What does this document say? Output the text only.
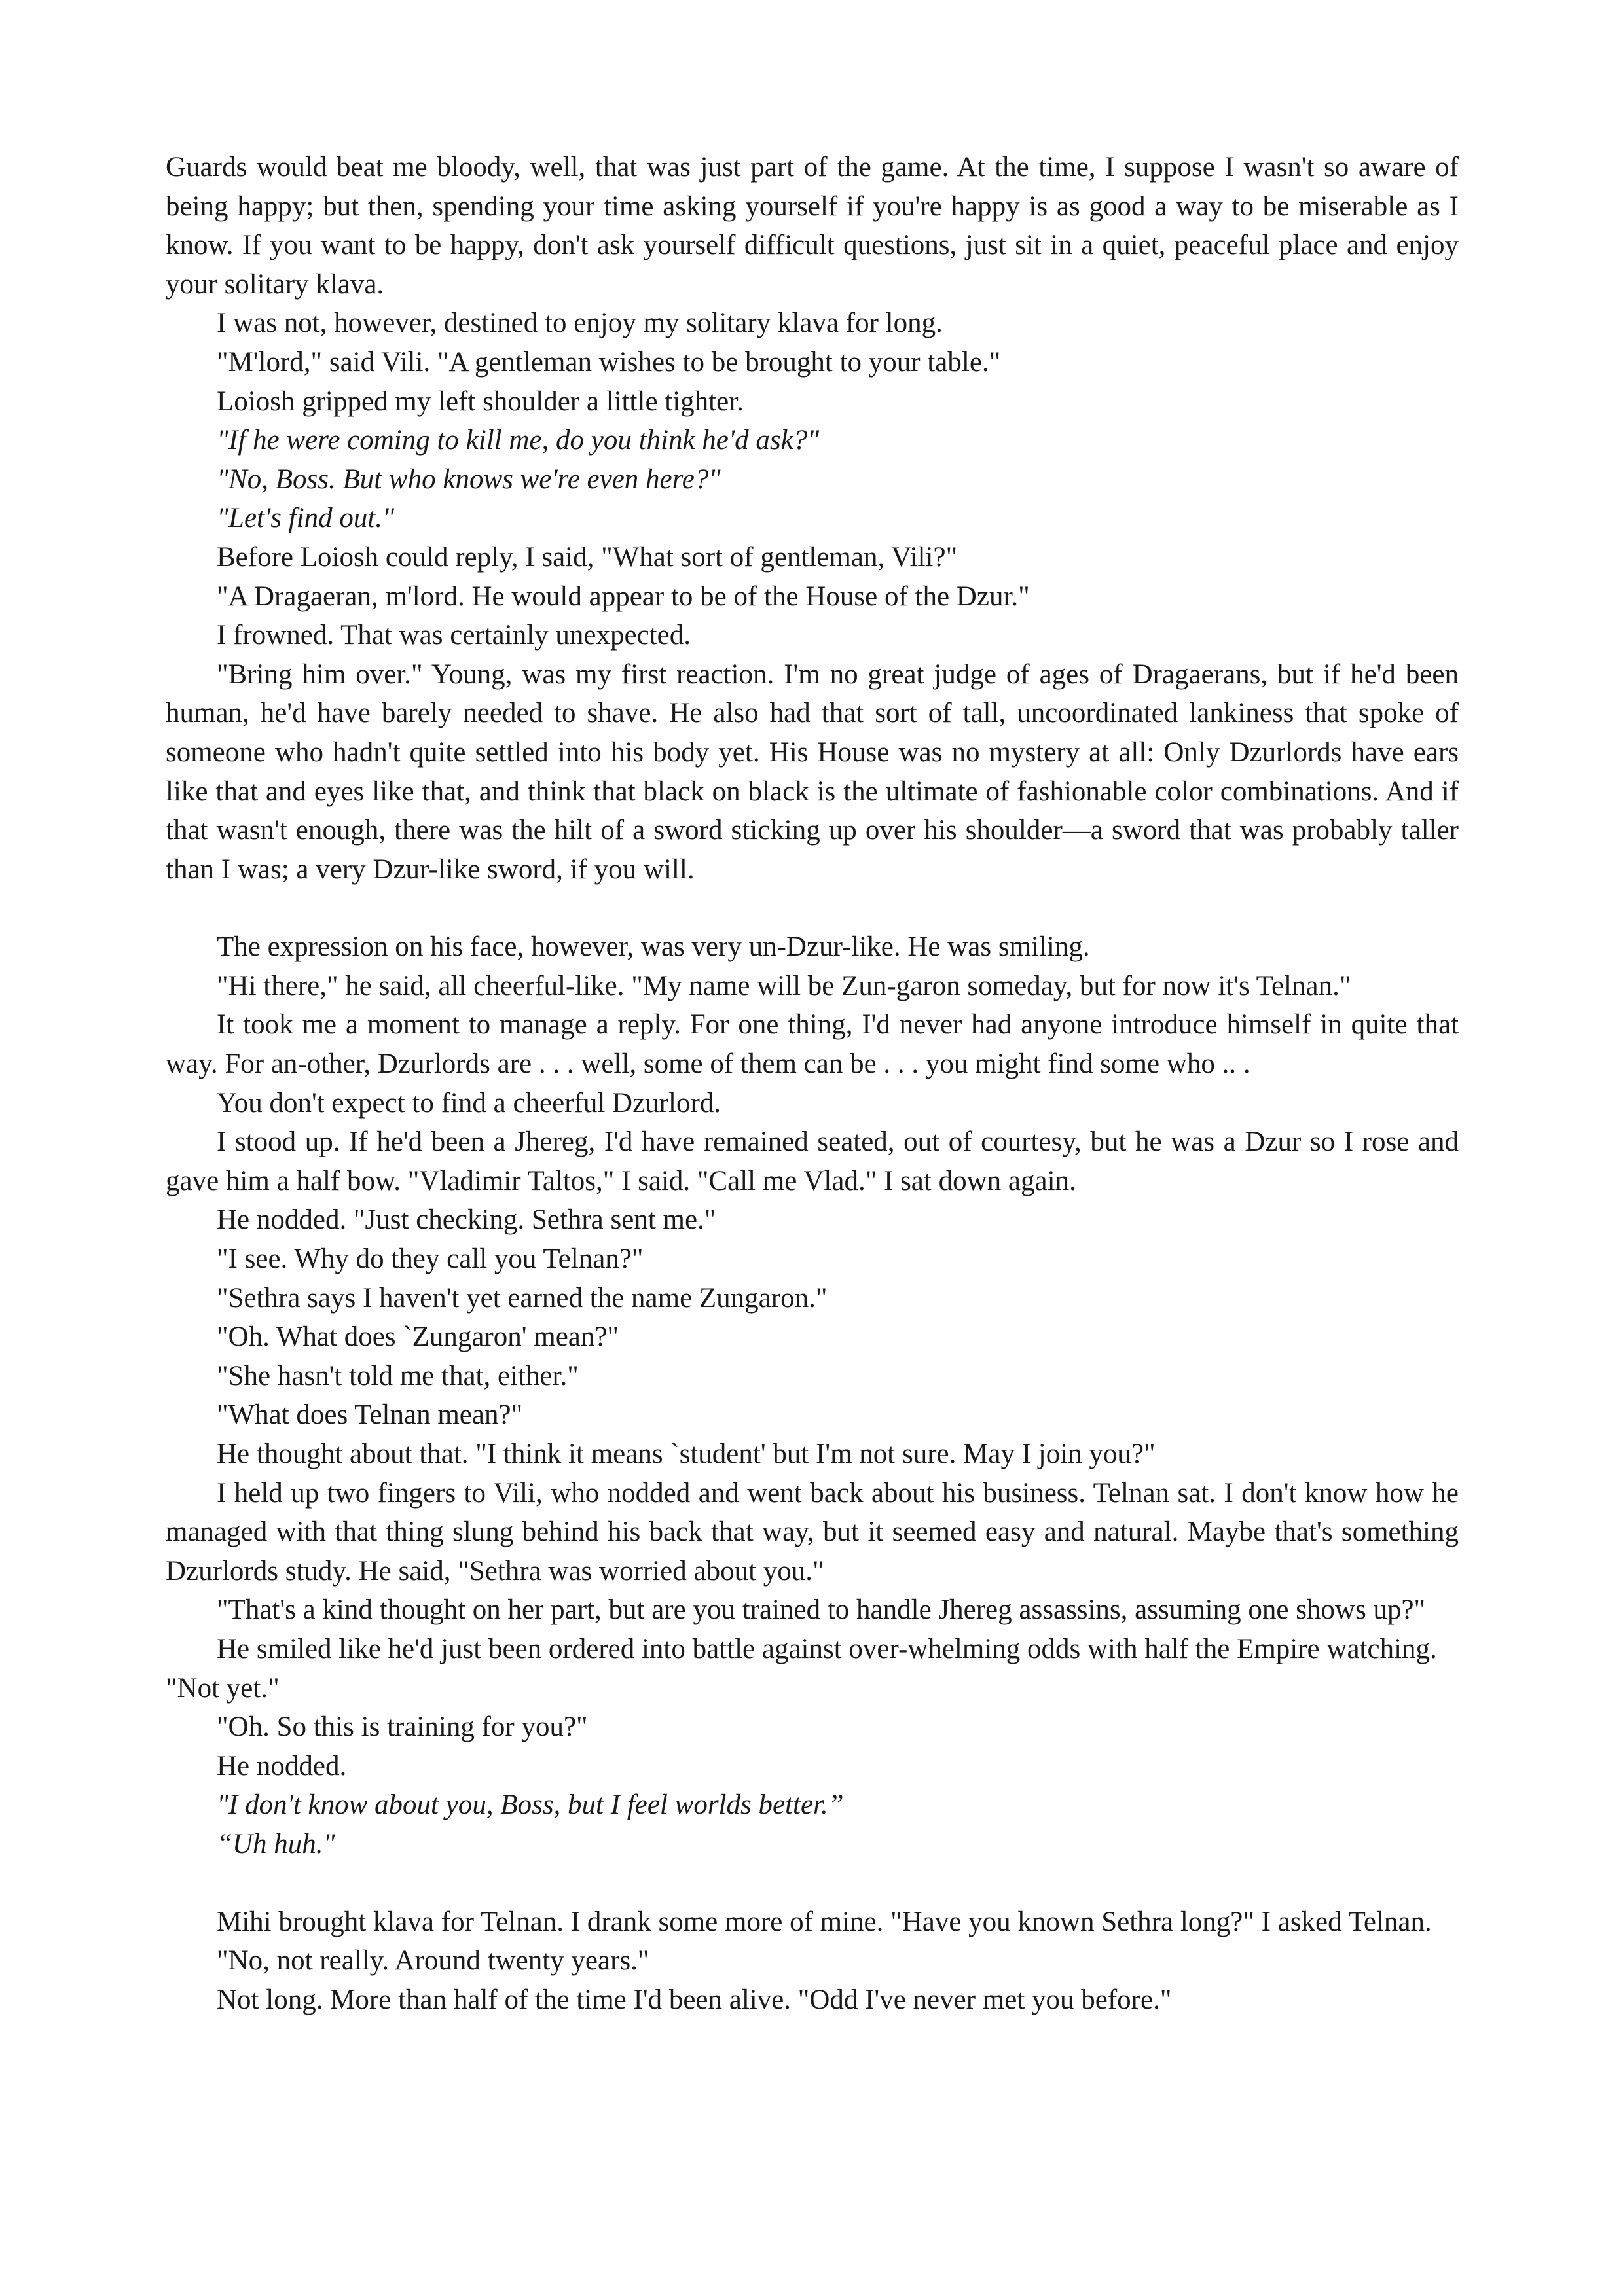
Guards would beat me bloody, well, that was just part of the game. At the time, I suppose I wasn't so aware of being happy; but then, spending your time asking yourself if you're happy is as good a way to be miserable as I know. If you want to be happy, don't ask yourself difficult questions, just sit in a quiet, peaceful place and enjoy your solitary klava.

I was not, however, destined to enjoy my solitary klava for long.

"M'lord," said Vili. "A gentleman wishes to be brought to your table."

Loiosh gripped my left shoulder a little tighter.

"If he were coming to kill me, do you think he'd ask?"

"No, Boss. But who knows we're even here?"

"Let's find out."

Before Loiosh could reply, I said, "What sort of gentleman, Vili?"

"A Dragaeran, m'lord. He would appear to be of the House of the Dzur."

I frowned. That was certainly unexpected.

"Bring him over." Young, was my first reaction. I'm no great judge of ages of Dragaerans, but if he'd been human, he'd have barely needed to shave. He also had that sort of tall, uncoordinated lankiness that spoke of someone who hadn't quite settled into his body yet. His House was no mystery at all: Only Dzurlords have ears like that and eyes like that, and think that black on black is the ultimate of fashionable color combinations. And if that wasn't enough, there was the hilt of a sword sticking up over his shoulder—a sword that was probably taller than I was; a very Dzur-like sword, if you will.

The expression on his face, however, was very un-Dzur-like. He was smiling.

"Hi there," he said, all cheerful-like. "My name will be Zun-garon someday, but for now it's Telnan."

It took me a moment to manage a reply. For one thing, I'd never had anyone introduce himself in quite that way. For an-other, Dzurlords are . . . well, some of them can be . . . you might find some who .. .

You don't expect to find a cheerful Dzurlord.

I stood up. If he'd been a Jhereg, I'd have remained seated, out of courtesy, but he was a Dzur so I rose and gave him a half bow. "Vladimir Taltos," I said. "Call me Vlad." I sat down again.

He nodded. "Just checking. Sethra sent me."

"I see. Why do they call you Telnan?"

"Sethra says I haven't yet earned the name Zungaron."

"Oh. What does `Zungaron' mean?"

"She hasn't told me that, either."

"What does Telnan mean?"

He thought about that. "I think it means `student' but I'm not sure. May I join you?"

I held up two fingers to Vili, who nodded and went back about his business. Telnan sat. I don't know how he managed with that thing slung behind his back that way, but it seemed easy and natural. Maybe that's something Dzurlords study. He said, "Sethra was worried about you."

"That's a kind thought on her part, but are you trained to handle Jhereg assassins, assuming one shows up?"

He smiled like he'd just been ordered into battle against over-whelming odds with half the Empire watching. "Not yet."

"Oh. So this is training for you?"

He nodded.

"I don't know about you, Boss, but I feel worlds better.”

“Uh huh."

Mihi brought klava for Telnan. I drank some more of mine. "Have you known Sethra long?" I asked Telnan.

"No, not really. Around twenty years."

Not long. More than half of the time I'd been alive. "Odd I've never met you before."
